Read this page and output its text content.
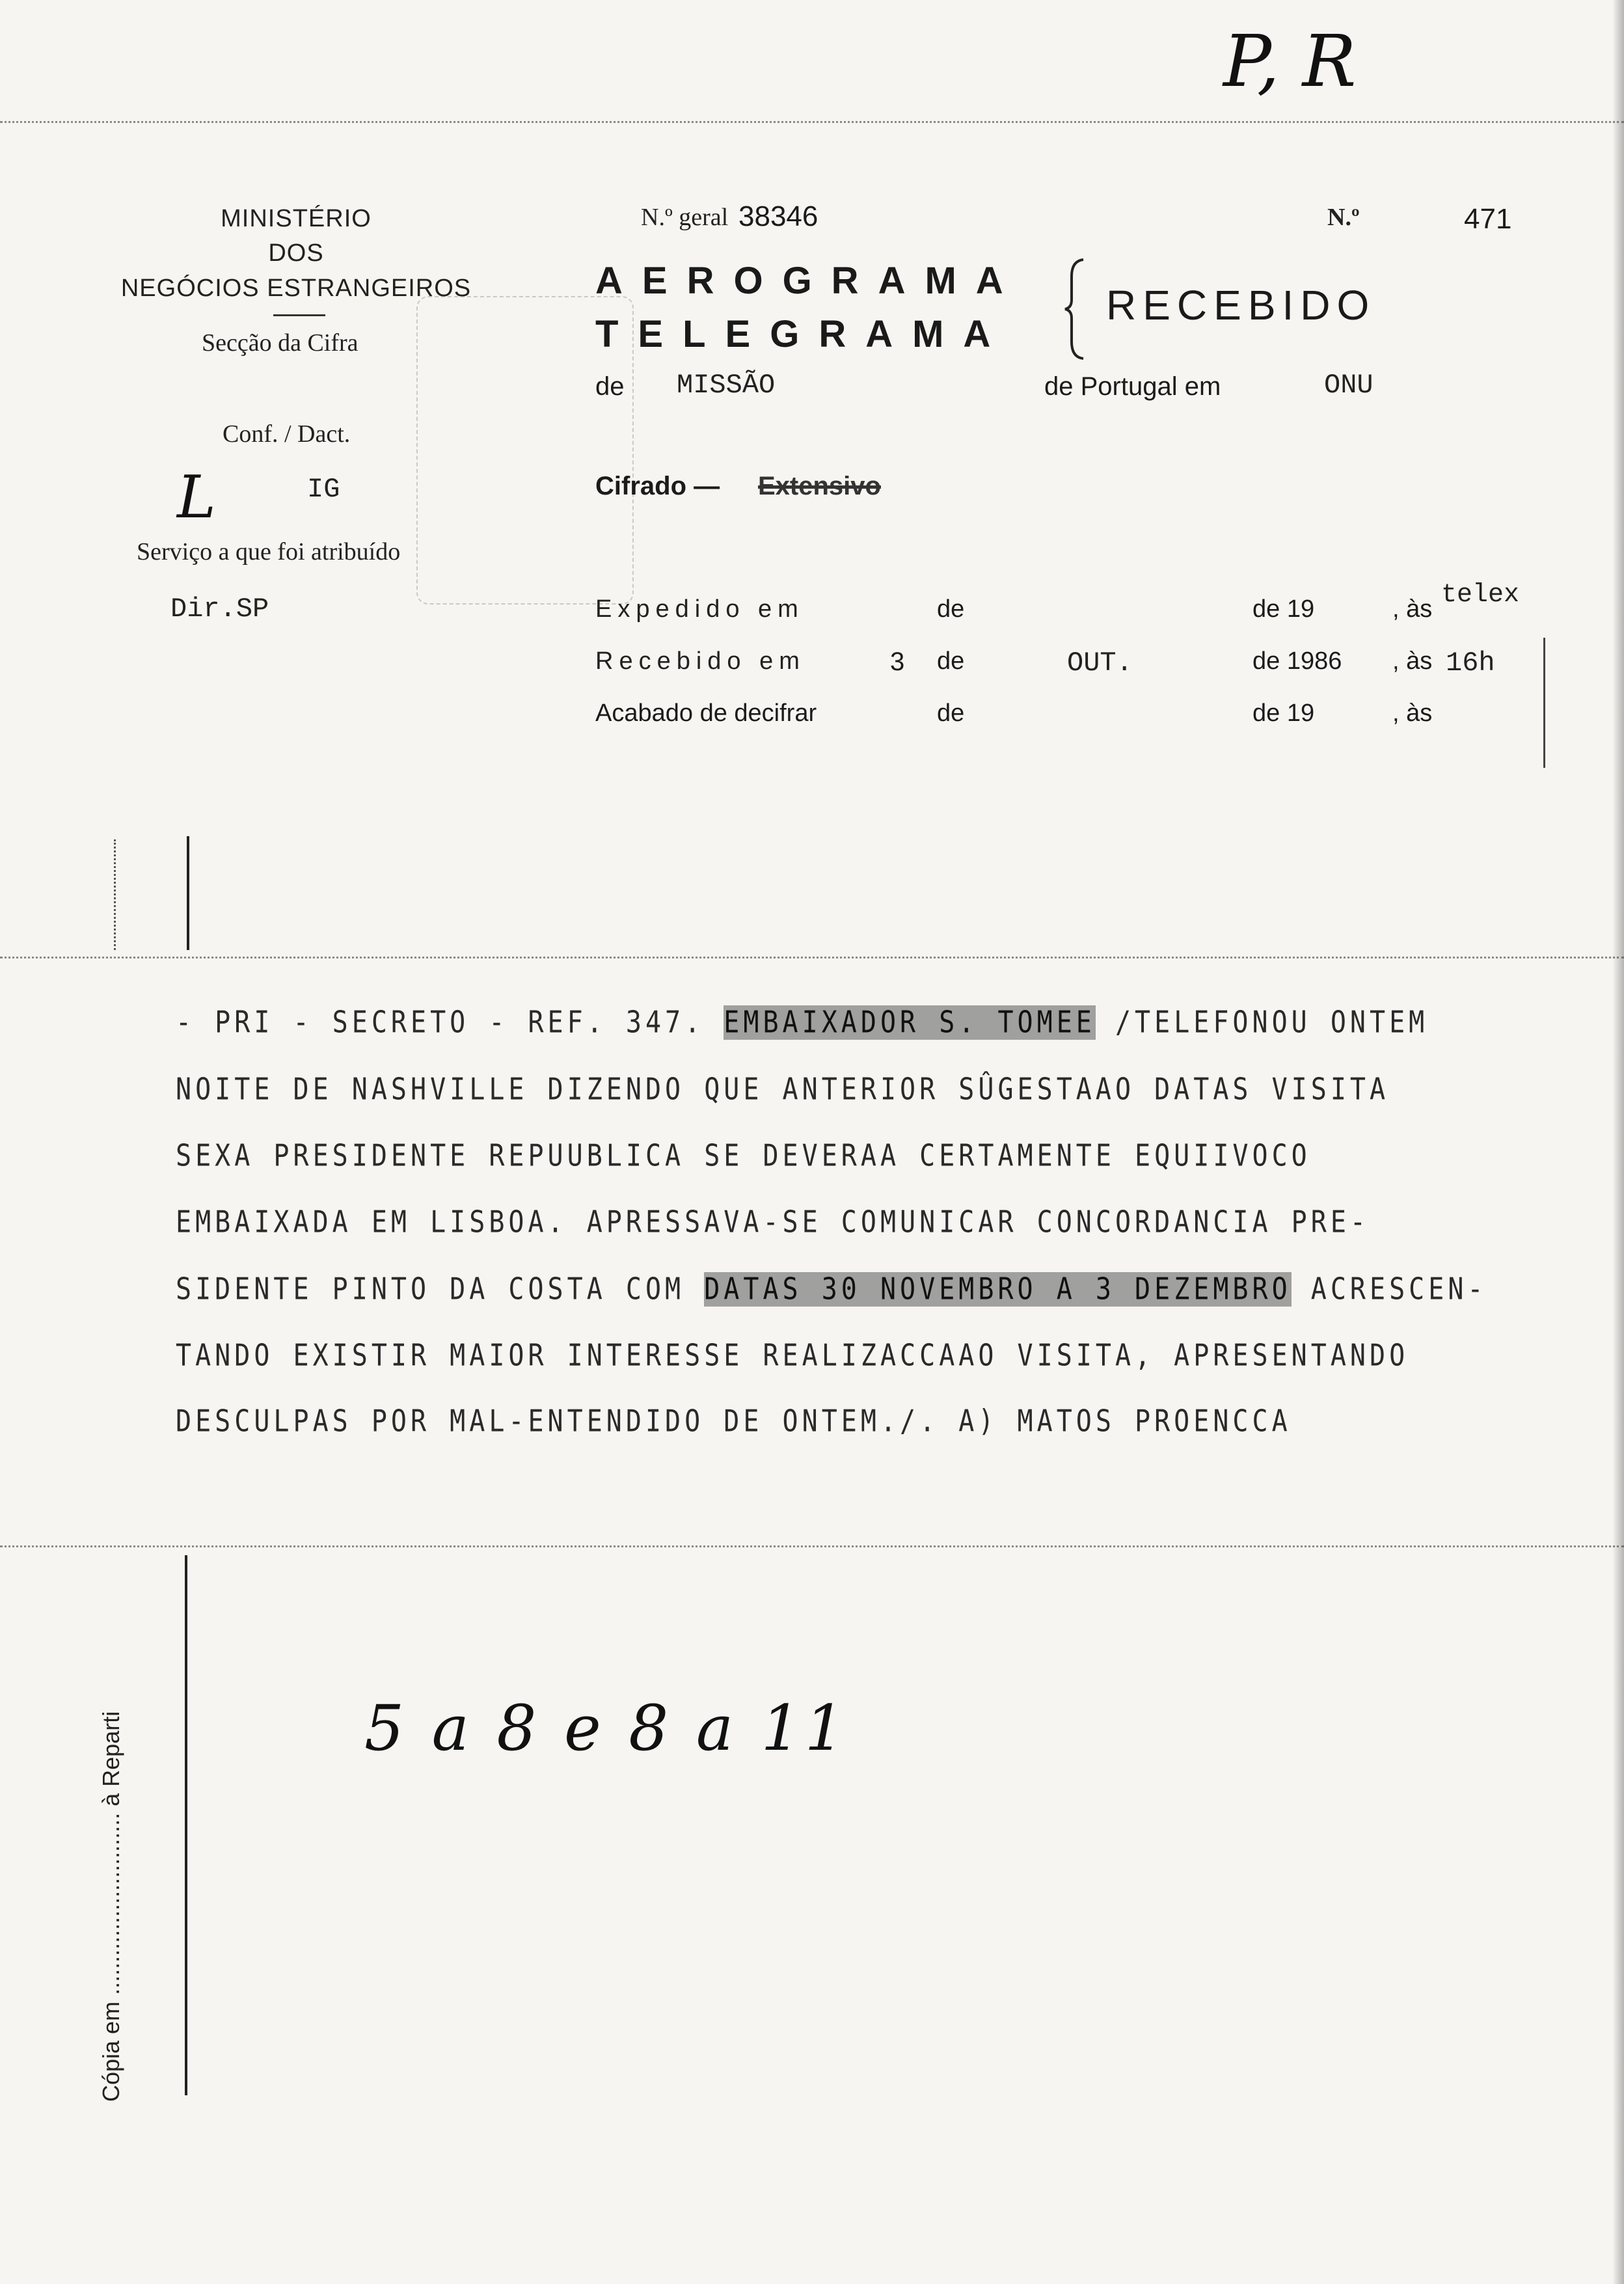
P, R
MINISTÉRIO
DOS
NEGÓCIOS ESTRANGEIROS
Secção da Cifra
Conf. / Dact.
IG
L
Serviço a que foi atribuído
Dir.SP
N.º geral 38346	N.º	471
AEROGRAMA
TELEGRAMA
RECEBIDO
de MISSÃO	de Portugal em	ONU
Cifrado — Extensivo
Expedido em	de	de 19	, às telex
Recebido em	3 de	OUT.	de 1986 , às 16h
Acabado de decifrar	de	de 19	, às
- PRI - SECRETO - REF. 347. EMBAIXADOR S. TOMEE /TELEFONOU ONTEM
NOITE DE NASHVILLE DIZENDO QUE ANTERIOR SÛGESTAAO DATAS VISITA
SEXA PRESIDENTE REPUUBLICA SE DEVERAA CERTAMENTE EQUIIVOCO
EMBAIXADA EM LISBOA. APRESSAVA-SE COMUNICAR CONCORDANCIA PRE-
SIDENTE PINTO DA COSTA COM DATAS 30 NOVEMBRO A 3 DEZEMBRO ACRESCEN-
TANDO EXISTIR MAIOR INTERESSE REALIZACCAAO VISITA, APRESENTANDO
DESCULPAS POR MAL-ENTENDIDO DE ONTEM./. A) MATOS PROENCCA
5 a 8 e 8 a 11
Cópia em ............................ à Reparti
